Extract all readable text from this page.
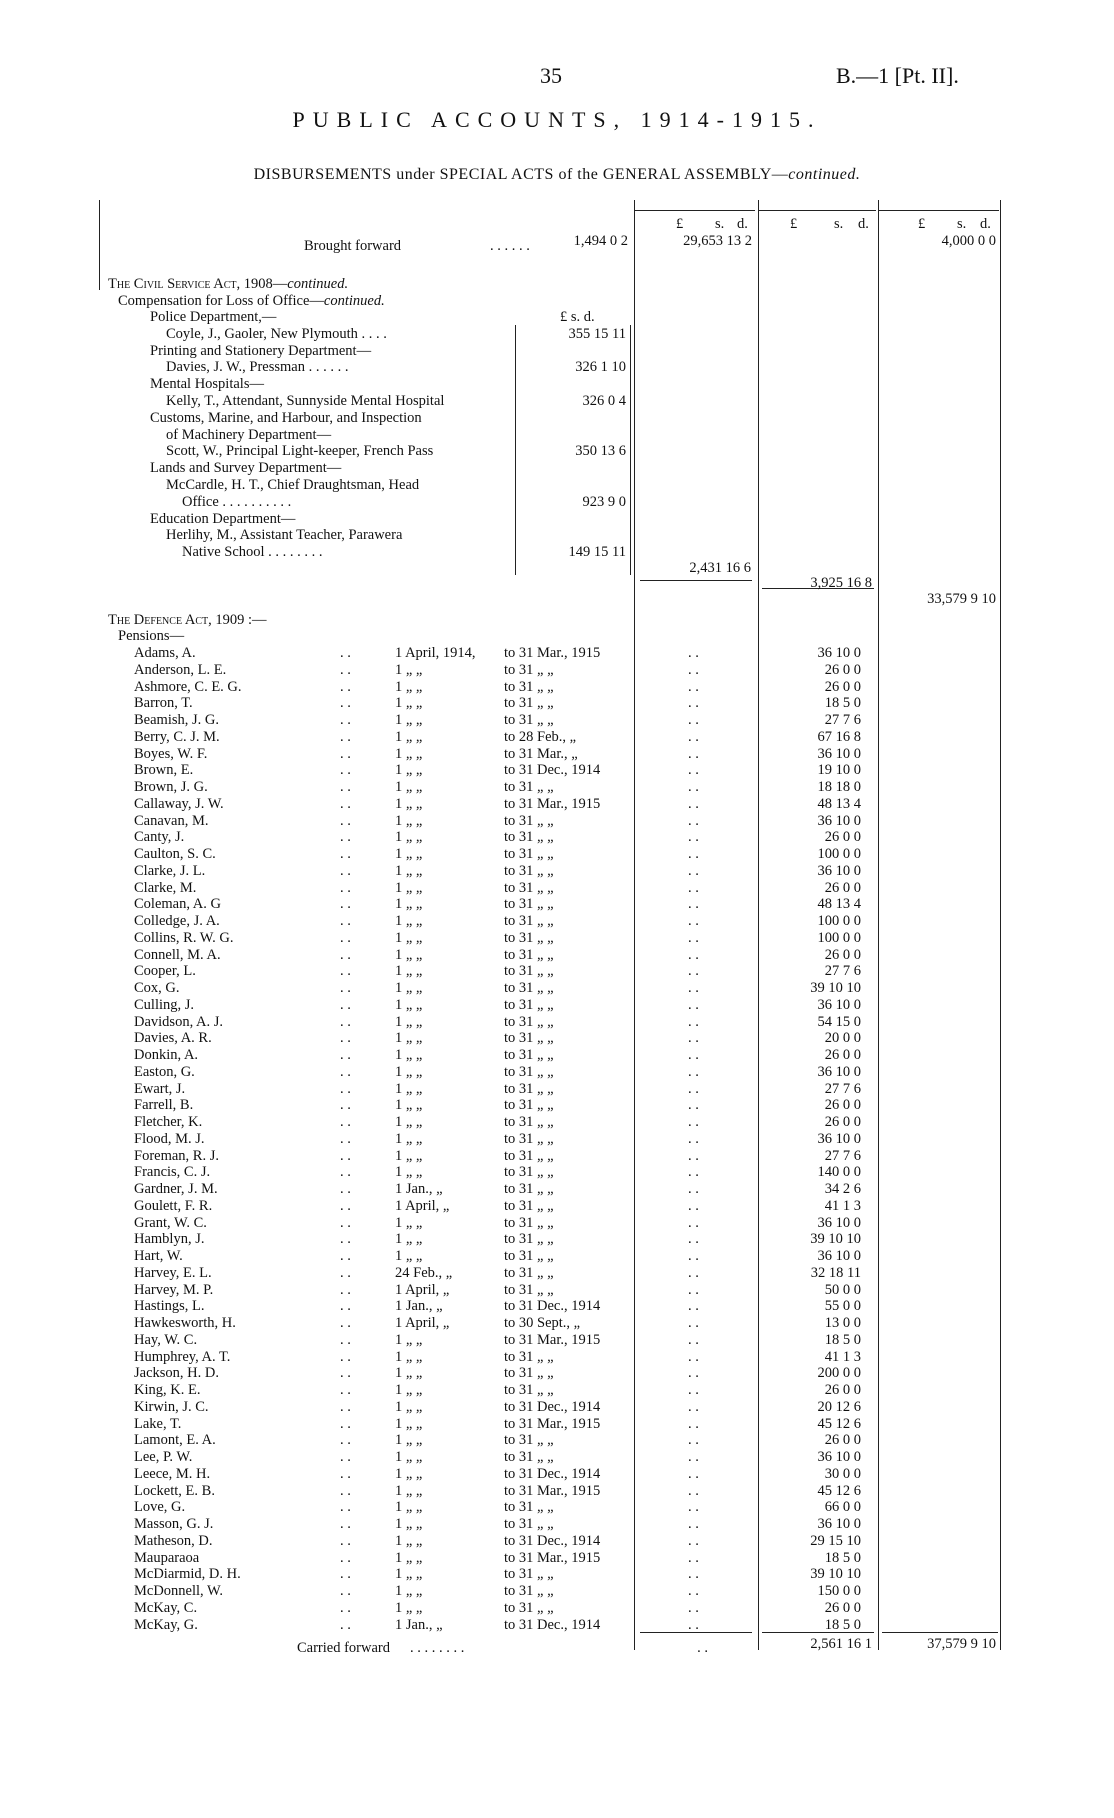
35	B.—1 [Pt. II].
PUBLIC ACCOUNTS, 1914-1915.
DISBURSEMENTS under SPECIAL ACTS of the GENERAL ASSEMBLY—continued.
£ s. d.	£	s. d.	£ s. d.
Brought forward	. . . . . .	1,494 0 2	29,653 13 2	4,000 0 0
The Civil Service Act, 1908—continued.
Compensation for Loss of Office—continued.
£ s. d.
Police Department,—
Coyle, J., Gaoler, New Plymouth . . . .	355 15 11
Printing and Stationery Department—
Davies, J. W., Pressman . . . . . .	326 1 10
Mental Hospitals—
Kelly, T., Attendant, Sunnyside Mental Hospital	326 0 4
Customs, Marine, and Harbour, and Inspection
of Machinery Department—
Scott, W., Principal Light-keeper, French Pass	350 13 6
Lands and Survey Department—
McCardle, H. T., Chief Draughtsman, Head
Office . . . . . . . . . .	923 9 0
Education Department—
Herlihy, M., Assistant Teacher, Parawera
Native School . . . . . . . .	149 15 11
2,431 16 6
3,925 16 8
33,579 9 10
The Defence Act, 1909 :—
Pensions—
Adams, A.	. .	1 April, 1914, to 31 Mar., 1915	. .	36 10 0
Anderson, L. E.	. .	1 „ „	to 31 „ „	. .	26 0 0
Ashmore, C. E. G.	. .	1 „ „	to 31 „ „	. .	26 0 0
Barron, T.	. .	1 „ „	to 31 „ „	. .	18 5 0
Beamish, J. G.	. .	1 „ „	to 31 „ „	. .	27 7 6
Berry, C. J. M.	. .	1 „ „	to 28 Feb., „	. .	67 16 8
Boyes, W. F.	. .	1 „ „	to 31 Mar., „	. .	36 10 0
Brown, E.	. .	1 „ „	to 31 Dec., 1914	. .	19 10 0
Brown, J. G.	. .	1 „ „	to 31 „ „	. .	18 18 0
Callaway, J. W.	. .	1 „ „	to 31 Mar., 1915	. .	48 13 4
Canavan, M.	. .	1 „ „	to 31 „ „	. .	36 10 0
Canty, J.	. .	1 „ „	to 31 „ „	. .	26 0 0
Caulton, S. C.	. .	1 „ „	to 31 „ „	. .	100 0 0
Clarke, J. L.	. .	1 „ „	to 31 „ „	. .	36 10 0
Clarke, M.	. .	1 „ „	to 31 „ „	. .	26 0 0
Coleman, A. G	. .	1 „ „	to 31 „ „	. .	48 13 4
Colledge, J. A.	. .	1 „ „	to 31 „ „	. .	100 0 0
Collins, R. W. G.	. .	1 „ „	to 31 „ „	. .	100 0 0
Connell, M. A.	. .	1 „ „	to 31 „ „	. .	26 0 0
Cooper, L.	. .	1 „ „	to 31 „ „	. .	27 7 6
Cox, G.	. .	1 „ „	to 31 „ „	. .	39 10 10
Culling, J.	. .	1 „ „	to 31 „ „	. .	36 10 0
Davidson, A. J.	. .	1 „ „	to 31 „ „	. .	54 15 0
Davies, A. R.	. .	1 „ „	to 31 „ „	. .	20 0 0
Donkin, A.	. .	1 „ „	to 31 „ „	. .	26 0 0
Easton, G.	. .	1 „ „	to 31 „ „	. .	36 10 0
Ewart, J.	. .	1 „ „	to 31 „ „	. .	27 7 6
Farrell, B.	. .	1 „ „	to 31 „ „	. .	26 0 0
Fletcher, K.	. .	1 „ „	to 31 „ „	. .	26 0 0
Flood, M. J.	. .	1 „ „	to 31 „ „	. .	36 10 0
Foreman, R. J.	. .	1 „ „	to 31 „ „	. .	27 7 6
Francis, C. J.	. .	1 „ „	to 31 „ „	. .	140 0 0
Gardner, J. M.	. .	1 Jan., „	to 31 „ „	. .	34 2 6
Goulett, F. R.	. .	1 April, „	to 31 „ „	. .	41 1 3
Grant, W. C.	. .	1 „ „	to 31 „ „	. .	36 10 0
Hamblyn, J.	. .	1 „ „	to 31 „ „	. .	39 10 10
Hart, W.	. .	1 „ „	to 31 „ „	. .	36 10 0
Harvey, E. L.	. .	24 Feb., „	to 31 „ „	. .	32 18 11
Harvey, M. P.	. .	1 April, „	to 31 „ „	. .	50 0 0
Hastings, L.	. .	1 Jan., „	to 31 Dec., 1914	. .	55 0 0
Hawkesworth, H.	. .	1 April, „	to 30 Sept., „	. .	13 0 0
Hay, W. C.	. .	1 „ „	to 31 Mar., 1915	. .	18 5 0
Humphrey, A. T.	. .	1 „ „	to 31 „ „	. .	41 1 3
Jackson, H. D.	. .	1 „ „	to 31 „ „	. .	200 0 0
King, K. E.	. .	1 „ „	to 31 „ „	. .	26 0 0
Kirwin, J. C.	. .	1 „ „	to 31 Dec., 1914	. .	20 12 6
Lake, T.	. .	1 „ „	to 31 Mar., 1915	. .	45 12 6
Lamont, E. A.	. .	1 „ „	to 31 „ „	. .	26 0 0
Lee, P. W.	. .	1 „ „	to 31 „ „	. .	36 10 0
Leece, M. H.	. .	1 „ „	to 31 Dec., 1914	. .	30 0 0
Lockett, E. B.	. .	1 „ „	to 31 Mar., 1915	. .	45 12 6
Love, G.	. .	1 „ „	to 31 „ „	. .	66 0 0
Masson, G. J.	. .	1 „ „	to 31 „ „	. .	36 10 0
Matheson, D.	. .	1 „ „	to 31 Dec., 1914	. .	29 15 10
Mauparaoa	. .	1 „ „	to 31 Mar., 1915	. .	18 5 0
McDiarmid, D. H.	. .	1 „ „	to 31 „ „	. .	39 10 10
McDonnell, W.	. .	1 „ „	to 31 „ „	. .	150 0 0
McKay, C.	. .	1 „ „	to 31 „ „	. .	26 0 0
McKay, G.	. .	1 Jan., „	to 31 Dec., 1914	. .	18 5 0
Carried forward . . . . . . . .	. .	2,561 16 1	37,579 9 10
